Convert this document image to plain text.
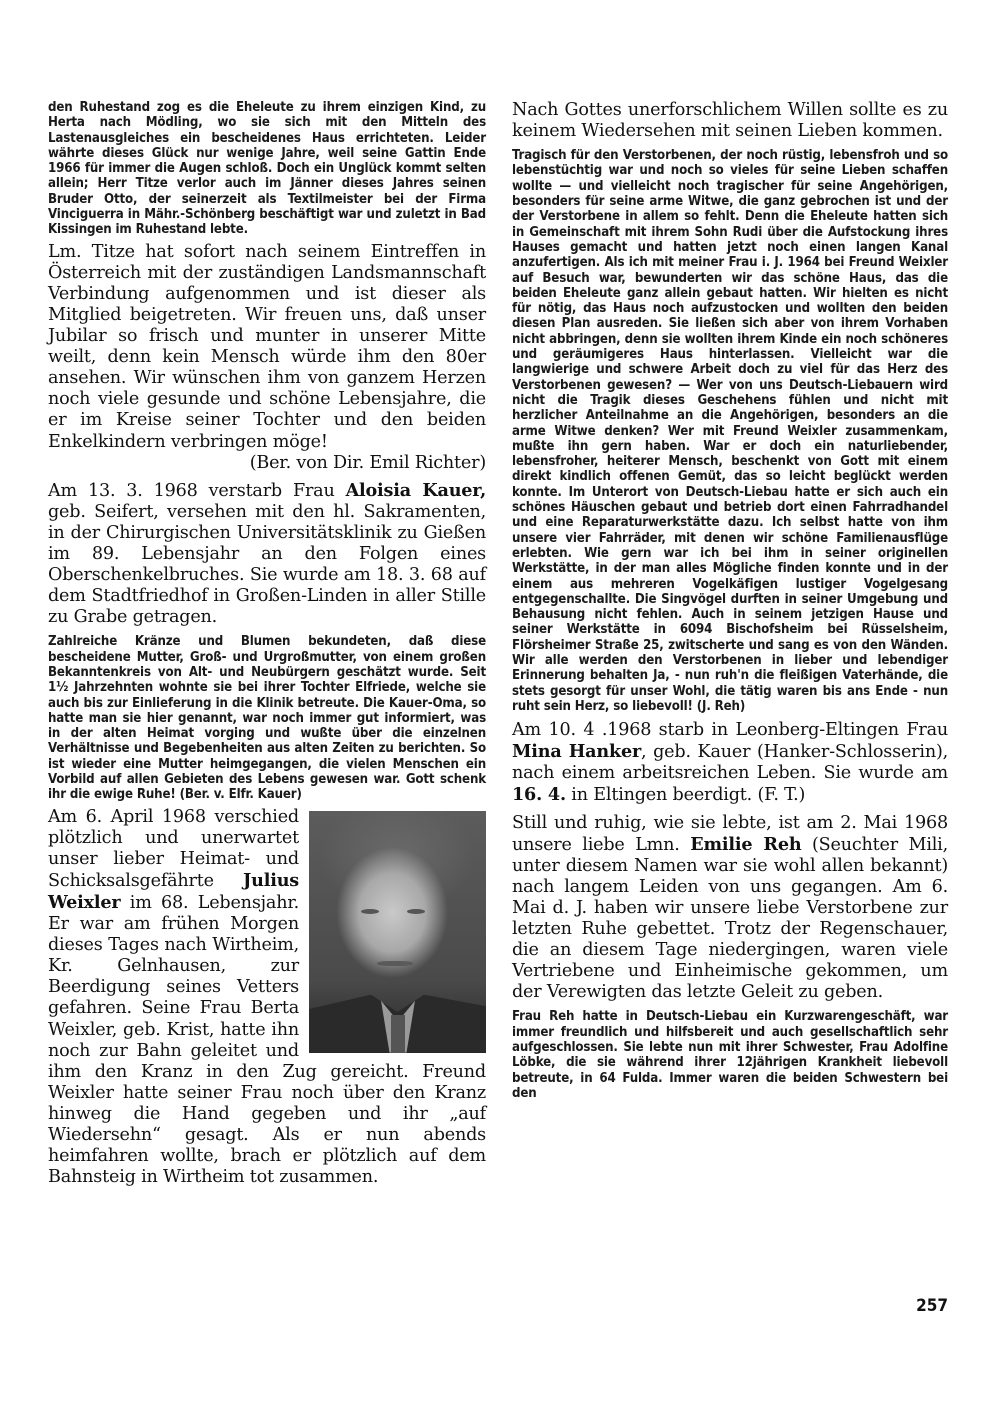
den Ruhestand zog es die Eheleute zu ihrem einzigen Kind, zu Herta nach Mödling, wo sie sich mit den Mitteln des Lastenausgleiches ein bescheidenes Haus errichteten. Leider währte dieses Glück nur wenige Jahre, weil seine Gattin Ende 1966 für immer die Augen schloß. Doch ein Unglück kommt selten allein; Herr Titze verlor auch im Jänner dieses Jahres seinen Bruder Otto, der seinerzeit als Textilmeister bei der Firma Vinciguerra in Mähr.-Schönberg beschäftigt war und zuletzt in Bad Kissingen im Ruhestand lebte.

Lm. Titze hat sofort nach seinem Eintreffen in Österreich mit der zuständigen Landsmannschaft Verbindung aufgenommen und ist dieser als Mitglied beigetreten. Wir freuen uns, daß unser Jubilar so frisch und munter in unserer Mitte weilt, denn kein Mensch würde ihm den 80er ansehen. Wir wünschen ihm von ganzem Herzen noch viele gesunde und schöne Lebensjahre, die er im Kreise seiner Tochter und den beiden Enkelkindern verbringen möge!
(Ber. von Dir. Emil Richter)

Am 13. 3. 1968 verstarb Frau Aloisia Kauer, geb. Seifert, versehen mit den hl. Sakramenten, in der Chirurgischen Universitätsklinik zu Gießen im 89. Lebensjahr an den Folgen eines Oberschenkelbruches. Sie wurde am 18. 3. 68 auf dem Stadtfriedhof in Großen-Linden in aller Stille zu Grabe getragen.

Zahlreiche Kränze und Blumen bekundeten, daß diese bescheidene Mutter, Groß- und Urgroßmutter, von einem großen Bekanntenkreis von Alt- und Neubürgern geschätzt wurde. Seit 1½ Jahrzehnten wohnte sie bei ihrer Tochter Elfriede, welche sie auch bis zur Einlieferung in die Klinik betreute. Die Kauer-Oma, so hatte man sie hier genannt, war noch immer gut informiert, was in der alten Heimat vorging und wußte über die einzelnen Verhältnisse und Begebenheiten aus alten Zeiten zu berichten. So ist wieder eine Mutter heimgegangen, die vielen Menschen ein Vorbild auf allen Gebieten des Lebens gewesen war. Gott schenk ihr die ewige Ruhe! (Ber. v. Elfr. Kauer)

Am 6. April 1968 verschied plötzlich und unerwartet unser lieber Heimat- und Schicksalsgefährte Julius Weixler im 68. Lebensjahr. Er war am frühen Morgen dieses Tages nach Wirtheim, Kr. Gelnhausen, zur Beerdigung seines Vetters gefahren. Seine Frau Berta Weixler, geb. Krist, hatte ihn noch zur Bahn geleitet und ihm den Kranz in den Zug gereicht. Freund Weixler hatte seiner Frau noch über den Kranz hinweg die Hand gegeben und ihr „auf Wiedersehn“ gesagt. Als er nun abends heimfahren wollte, brach er plötzlich auf dem Bahnsteig in Wirtheim tot zusammen.

Nach Gottes unerforschlichem Willen sollte es zu keinem Wiedersehen mit seinen Lieben kommen.

Tragisch für den Verstorbenen, der noch rüstig, lebensfroh und so lebenstüchtig war und noch so vieles für seine Lieben schaffen wollte — und vielleicht noch tragischer für seine Angehörigen, besonders für seine arme Witwe, die ganz gebrochen ist und der der Verstorbene in allem so fehlt. Denn die Eheleute hatten sich in Gemeinschaft mit ihrem Sohn Rudi über die Aufstockung ihres Hauses gemacht und hatten jetzt noch einen langen Kanal anzufertigen. Als ich mit meiner Frau i. J. 1964 bei Freund Weixler auf Besuch war, bewunderten wir das schöne Haus, das die beiden Eheleute ganz allein gebaut hatten. Wir hielten es nicht für nötig, das Haus noch aufzustocken und wollten den beiden diesen Plan ausreden. Sie ließen sich aber von ihrem Vorhaben nicht abbringen, denn sie wollten ihrem Kinde ein noch schöneres und geräumigeres Haus hinterlassen. Vielleicht war die langwierige und schwere Arbeit doch zu viel für das Herz des Verstorbenen gewesen? — Wer von uns Deutsch-Liebauern wird nicht die Tragik dieses Geschehens fühlen und nicht mit herzlicher Anteilnahme an die Angehörigen, besonders an die arme Witwe denken? Wer mit Freund Weixler zusammenkam, mußte ihn gern haben. War er doch ein naturliebender, lebensfroher, heiterer Mensch, beschenkt von Gott mit einem direkt kindlich offenen Gemüt, das so leicht beglückt werden konnte. Im Unterort von Deutsch-Liebau hatte er sich auch ein schönes Häuschen gebaut und betrieb dort einen Fahrradhandel und eine Reparaturwerkstätte dazu. Ich selbst hatte von ihm unsere vier Fahrräder, mit denen wir schöne Familienausflüge erlebten. Wie gern war ich bei ihm in seiner originellen Werkstätte, in der man alles Mögliche finden konnte und in der einem aus mehreren Vogelkäfigen lustiger Vogelgesang entgegenschallte. Die Singvögel durften in seiner Umgebung und Behausung nicht fehlen. Auch in seinem jetzigen Hause und seiner Werkstätte in 6094 Bischofsheim bei Rüsselsheim, Flörsheimer Straße 25, zwitscherte und sang es von den Wänden. Wir alle werden den Verstorbenen in lieber und lebendiger Erinnerung behalten Ja, - nun ruh'n die fleißigen Vaterhände, die stets gesorgt für unser Wohl, die tätig waren bis ans Ende - nun ruht sein Herz, so liebevoll! (J. Reh)

Am 10. 4 .1968 starb in Leonberg-Eltingen Frau Mina Hanker, geb. Kauer (Hanker-Schlosserin), nach einem arbeitsreichen Leben. Sie wurde am 16. 4. in Eltingen beerdigt. (F. T.)

Still und ruhig, wie sie lebte, ist am 2. Mai 1968 unsere liebe Lmn. Emilie Reh (Seuchter Mili, unter diesem Namen war sie wohl allen bekannt) nach langem Leiden von uns gegangen. Am 6. Mai d. J. haben wir unsere liebe Verstorbene zur letzten Ruhe gebettet. Trotz der Regenschauer, die an diesem Tage niedergingen, waren viele Vertriebene und Einheimische gekommen, um der Verewigten das letzte Geleit zu geben.

Frau Reh hatte in Deutsch-Liebau ein Kurzwarengeschäft, war immer freundlich und hilfsbereit und auch gesellschaftlich sehr aufgeschlossen. Sie lebte nun mit ihrer Schwester, Frau Adolfine Löbke, die sie während ihrer 12jährigen Krankheit liebevoll betreute, in 64 Fulda. Immer waren die beiden Schwestern bei den

257
